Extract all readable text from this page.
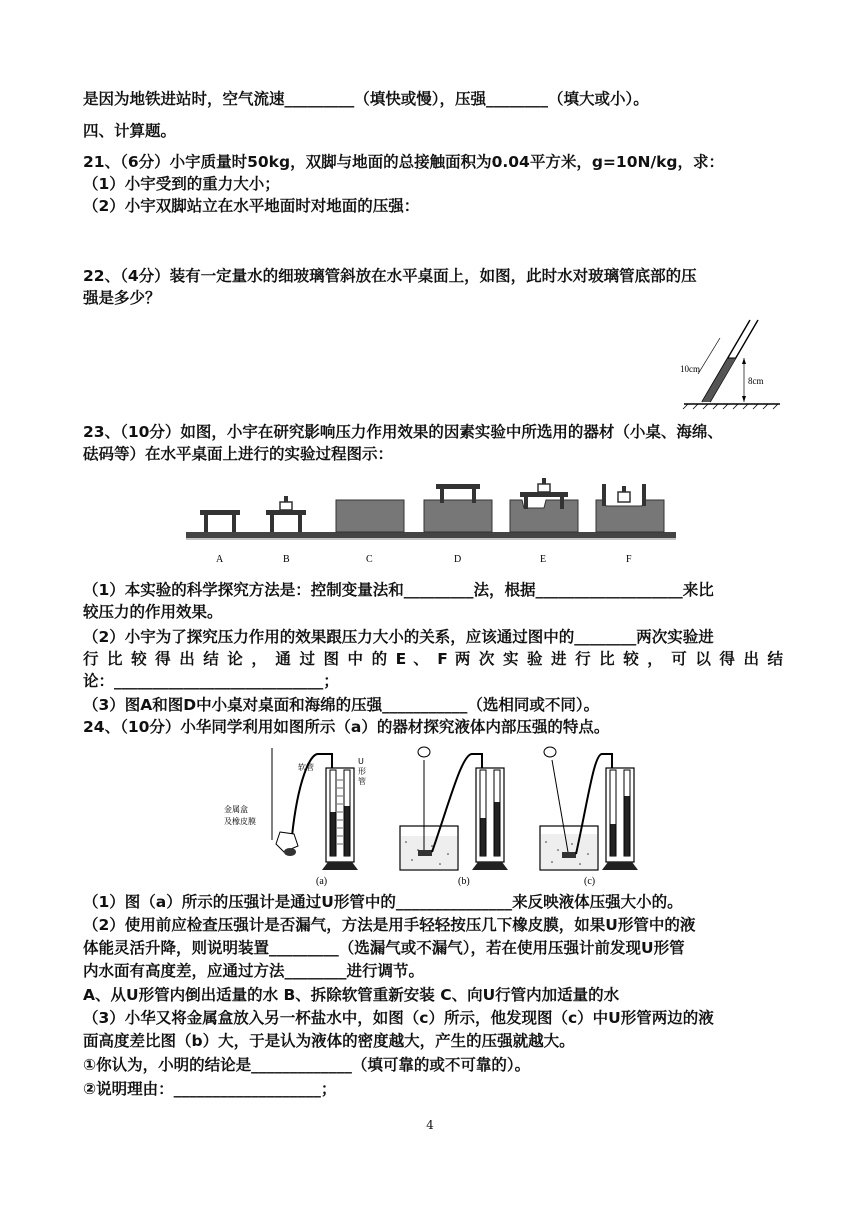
是因为地铁进站时，空气流速_________（填快或慢），压强________（填大或小）。
四、计算题。
21、（6分）小宇质量时50kg，双脚与地面的总接触面积为0.04平方米，g=10N/kg，求：
（1）小宇受到的重力大小；
（2）小宇双脚站立在水平地面时对地面的压强：
22、（4分）装有一定量水的细玻璃管斜放在水平桌面上，如图，此时水对玻璃管底部的压
强是多少？
10cm
8cm
23、（10分）如图，小宇在研究影响压力作用效果的因素实验中所选用的器材（小桌、海绵、
砝码等）在水平桌面上进行的实验过程图示：
A	B	C	D	E	F
（1）本实验的科学探究方法是：控制变量法和_________法，根据___________________来比
较压力的作用效果。
（2）小宇为了探究压力作用的效果跟压力大小的关系，应该通过图中的________两次实验进
行 比 较 得 出 结 论 ， 通 过 图 中 的 E 、 F 两 次 实 验 进 行 比 较 ， 可 以 得 出 结
论：___________________________；
（3）图A和图D中小桌对桌面和海绵的压强___________（选相同或不同）。
24、（10分）小华同学利用如图所示（a）的器材探究液体内部压强的特点。
软管
U
形
管
金属盒
及橡皮膜
(a)	(b)	(c)
（1）图（a）所示的压强计是通过U形管中的_______________来反映液体压强大小的。
（2）使用前应检查压强计是否漏气，方法是用手轻轻按压几下橡皮膜，如果U形管中的液
体能灵活升降，则说明装置_________（选漏气或不漏气），若在使用压强计前发现U形管
内水面有高度差，应通过方法________进行调节。
A、从U形管内倒出适量的水 B、拆除软管重新安装 C、向U行管内加适量的水
（3）小华又将金属盒放入另一杯盐水中，如图（c）所示，他发现图（c）中U形管两边的液
面高度差比图（b）大，于是认为液体的密度越大，产生的压强就越大。
①你认为，小明的结论是_____________（填可靠的或不可靠的）。
②说明理由：___________________；
4
